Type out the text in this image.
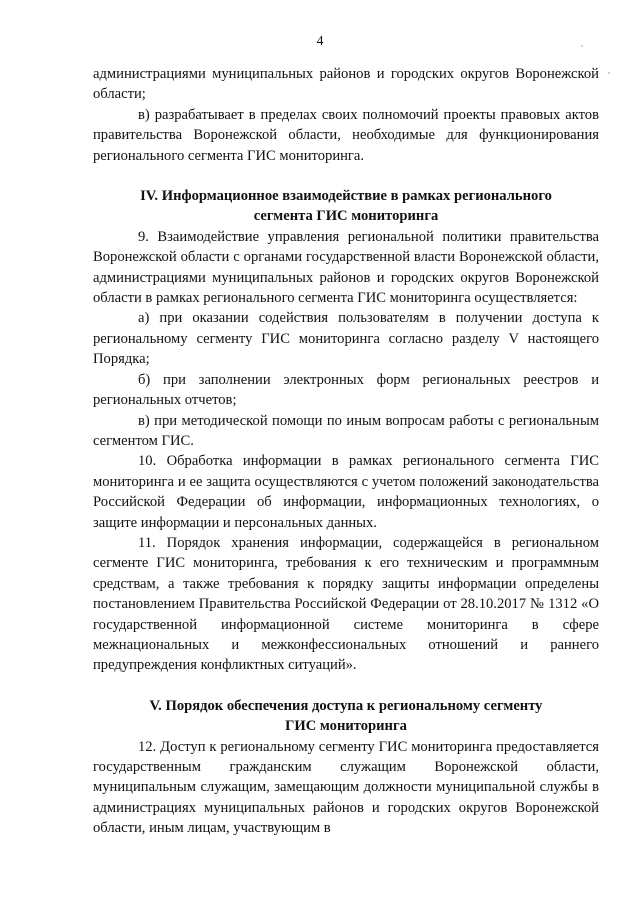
4

администрациями муниципальных районов и городских округов Воронежской области;

в) разрабатывает в пределах своих полномочий проекты правовых актов правительства Воронежской области, необходимые для функционирования регионального сегмента ГИС мониторинга.

IV. Информационное взаимодействие в рамках регионального
сегмента ГИС мониторинга

9. Взаимодействие управления региональной политики правительства Воронежской области с органами государственной власти Воронежской области, администрациями муниципальных районов и городских округов Воронежской области в рамках регионального сегмента ГИС мониторинга осуществляется:

а) при оказании содействия пользователям в получении доступа к региональному сегменту ГИС мониторинга согласно разделу V настоящего Порядка;

б) при заполнении электронных форм региональных реестров и региональных отчетов;

в) при методической помощи по иным вопросам работы с региональным сегментом ГИС.

10. Обработка информации в рамках регионального сегмента ГИС мониторинга и ее защита осуществляются с учетом положений законодательства Российской Федерации об информации, информационных технологиях, о защите информации и персональных данных.

11. Порядок хранения информации, содержащейся в региональном сегменте ГИС мониторинга, требования к его техническим и программным средствам, а также требования к порядку защиты информации определены постановлением Правительства Российской Федерации от 28.10.2017 № 1312 «О государственной информационной системе мониторинга в сфере межнациональных и межконфессиональных отношений и раннего предупреждения конфликтных ситуаций».

V. Порядок обеспечения доступа к региональному сегменту
ГИС мониторинга

12. Доступ к региональному сегменту ГИС мониторинга предоставляется государственным гражданским служащим Воронежской области, муниципальным служащим, замещающим должности муниципальной службы в администрациях муниципальных районов и городских округов Воронежской области, иным лицам, участвующим в
